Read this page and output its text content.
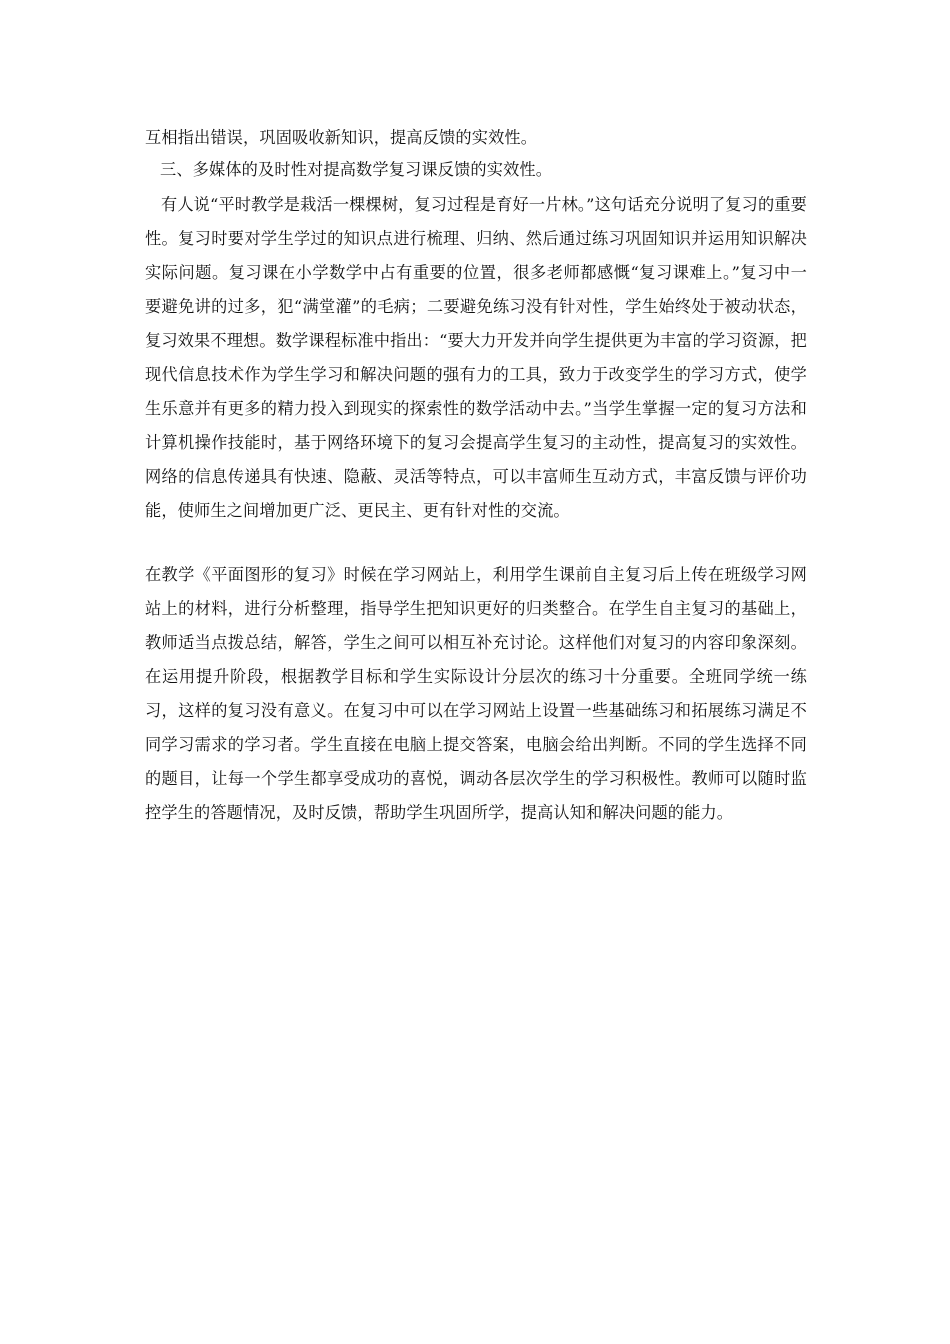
互相指出错误，巩固吸收新知识，提高反馈的实效性。

三、多媒体的及时性对提高数学复习课反馈的实效性。

有人说“平时教学是栽活一棵棵树，复习过程是育好一片林。”这句话充分说明了复习的重要性。复习时要对学生学过的知识点进行梳理、归纳、然后通过练习巩固知识并运用知识解决实际问题。复习课在小学数学中占有重要的位置，很多老师都感慨“复习课难上。”复习中一要避免讲的过多，犯“满堂灌”的毛病；二要避免练习没有针对性，学生始终处于被动状态，复习效果不理想。数学课程标准中指出：“要大力开发并向学生提供更为丰富的学习资源，把现代信息技术作为学生学习和解决问题的强有力的工具，致力于改变学生的学习方式，使学生乐意并有更多的精力投入到现实的探索性的数学活动中去。”当学生掌握一定的复习方法和计算机操作技能时，基于网络环境下的复习会提高学生复习的主动性，提高复习的实效性。网络的信息传递具有快速、隐蔽、灵活等特点，可以丰富师生互动方式，丰富反馈与评价功能，使师生之间增加更广泛、更民主、更有针对性的交流。

在教学《平面图形的复习》时候在学习网站上，利用学生课前自主复习后上传在班级学习网站上的材料，进行分析整理，指导学生把知识更好的归类整合。在学生自主复习的基础上，教师适当点拨总结，解答，学生之间可以相互补充讨论。这样他们对复习的内容印象深刻。在运用提升阶段，根据教学目标和学生实际设计分层次的练习十分重要。全班同学统一练习，这样的复习没有意义。在复习中可以在学习网站上设置一些基础练习和拓展练习满足不同学习需求的学习者。学生直接在电脑上提交答案，电脑会给出判断。不同的学生选择不同的题目，让每一个学生都享受成功的喜悦，调动各层次学生的学习积极性。教师可以随时监控学生的答题情况，及时反馈，帮助学生巩固所学，提高认知和解决问题的能力。
